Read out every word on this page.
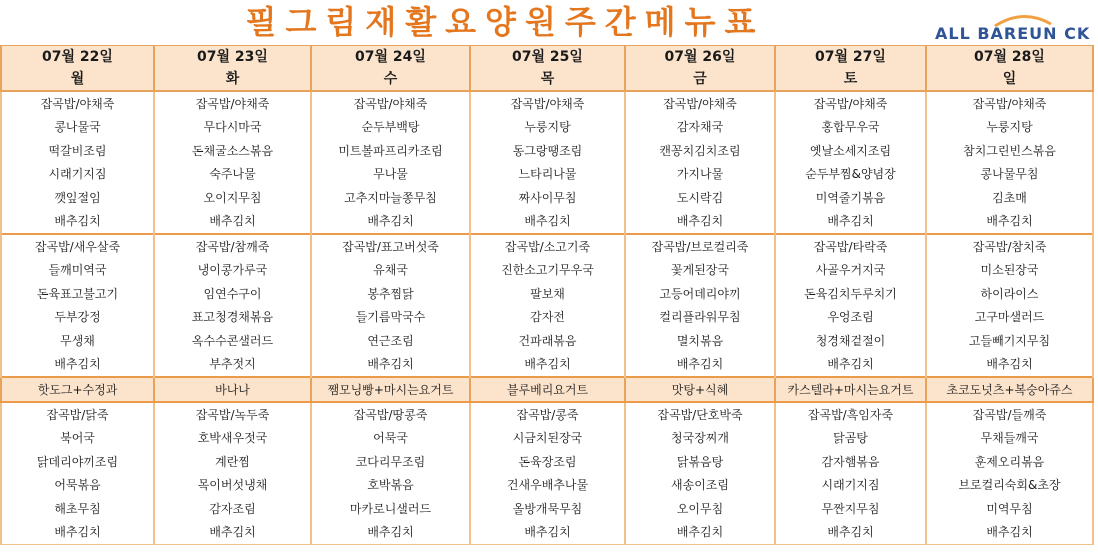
필그림재활요양원주간메뉴표	ALL BAREUN CK
07월 22일	07월 23일	07월 24일	07월 25일	07월 26일	07월 27일	07월 28일
월	화	수	목	금	토	일
잡곡밥/야채죽	잡곡밥/야채죽	잡곡밥/야채죽	잡곡밥/야채죽	잡곡밥/야채죽	잡곡밥/야채죽	잡곡밥/야채죽
콩나물국	무다시마국	순두부백탕	누룽지탕	감자채국	홍합무우국	누룽지탕
떡갈비조림	돈채굴소스볶음	미트볼파프리카조림	동그랑땡조림	캔꽁치김치조림	옛날소세지조림	참치그린빈스볶음
시래기지짐	숙주나물	무나물	느타리나물	가지나물	순두부찜&양념장	콩나물무침
깻잎절임	오이지무침	고추지마늘쫑무침	짜사이무침	도시락김	미역줄기볶음	김초매
배추김치	배추김치	배추김치	배추김치	배추김치	배추김치	배추김치
잡곡밥/새우살죽	잡곡밥/참깨죽	잡곡밥/표고버섯죽	잡곡밥/소고기죽	잡곡밥/브로컬리죽	잡곡밥/타락죽	잡곡밥/참치죽
들깨미역국	냉이콩가루국	유채국	진한소고기무우국	꽃게된장국	사골우거지국	미소된장국
돈육표고불고기	임연수구이	봉추찜닭	팔보채	고등어데리야끼	돈육김치두루치기	하이라이스
두부강정	표고청경채볶음	들기름막국수	감자전	컬리플라워무침	우엉조림	고구마샐러드
무생채	옥수수콘샐러드	연근조림	건파래볶음	멸치볶음	청경채겉절이	고들빼기지무침
배추김치	부추젓지	배추김치	배추김치	배추김치	배추김치	배추김치
핫도그+수정과	바나나	쨈모닝빵+마시는요거트	블루베리요거트	맛탕+식혜	카스텔라+마시는요거트	초코도넛츠+복숭아쥬스
잡곡밥/닭죽	잡곡밥/녹두죽	잡곡밥/땅콩죽	잡곡밥/콩죽	잡곡밥/단호박죽	잡곡밥/흑임자죽	잡곡밥/들깨죽
북어국	호박새우젓국	어묵국	시금치된장국	청국장찌개	닭곰탕	무채들깨국
닭데리야끼조림	계란찜	코다리무조림	돈육장조림	닭볶음탕	감자햄볶음	훈제오리볶음
어묵볶음	목이버섯냉채	호박볶음	건새우배추나물	새송이조림	시래기지짐	브로컬리숙회&초장
해초무침	감자조림	마카로니샐러드	올방개묵무침	오이무침	무짠지무침	미역무침
배추김치	배추김치	배추김치	배추김치	배추김치	배추김치	배추김치
